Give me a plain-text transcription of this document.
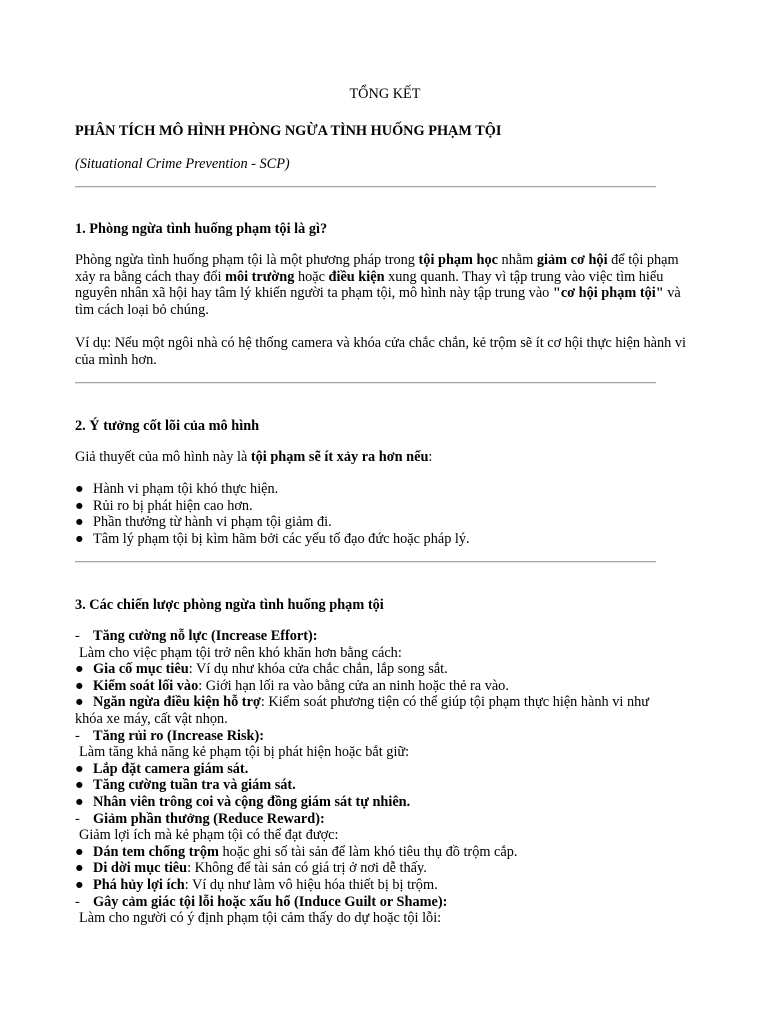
TỔNG KẾT
PHÂN TÍCH MÔ HÌNH PHÒNG NGỪA TÌNH HUỐNG PHẠM TỘI
(Situational Crime Prevention - SCP)
1. Phòng ngừa tình huống phạm tội là gì?
Phòng ngừa tình huống phạm tội là một phương pháp trong tội phạm học nhằm giảm cơ hội để tội phạm xảy ra bằng cách thay đổi môi trường hoặc điều kiện xung quanh. Thay vì tập trung vào việc tìm hiểu nguyên nhân xã hội hay tâm lý khiến người ta phạm tội, mô hình này tập trung vào "cơ hội phạm tội" và tìm cách loại bỏ chúng.
Ví dụ: Nếu một ngôi nhà có hệ thống camera và khóa cửa chắc chắn, kẻ trộm sẽ ít cơ hội thực hiện hành vi của mình hơn.
2. Ý tưởng cốt lõi của mô hình
Giả thuyết của mô hình này là tội phạm sẽ ít xảy ra hơn nếu:
● Hành vi phạm tội khó thực hiện.
● Rủi ro bị phát hiện cao hơn.
● Phần thưởng từ hành vi phạm tội giảm đi.
● Tâm lý phạm tội bị kìm hãm bởi các yếu tố đạo đức hoặc pháp lý.
3. Các chiến lược phòng ngừa tình huống phạm tội
- Tăng cường nỗ lực (Increase Effort):
Làm cho việc phạm tội trở nên khó khăn hơn bằng cách:
● Gia cố mục tiêu: Ví dụ như khóa cửa chắc chắn, lắp song sắt.
● Kiểm soát lối vào: Giới hạn lối ra vào bằng cửa an ninh hoặc thẻ ra vào.
● Ngăn ngừa điều kiện hỗ trợ: Kiểm soát phương tiện có thể giúp tội phạm thực hiện hành vi như
khóa xe máy, cất vật nhọn.
- Tăng rủi ro (Increase Risk):
Làm tăng khả năng kẻ phạm tội bị phát hiện hoặc bắt giữ:
● Lắp đặt camera giám sát.
● Tăng cường tuần tra và giám sát.
● Nhân viên trông coi và cộng đồng giám sát tự nhiên.
- Giảm phần thưởng (Reduce Reward):
Giảm lợi ích mà kẻ phạm tội có thể đạt được:
● Dán tem chống trộm hoặc ghi số tài sản để làm khó tiêu thụ đồ trộm cắp.
● Di dời mục tiêu: Không để tài sản có giá trị ở nơi dễ thấy.
● Phá hủy lợi ích: Ví dụ như làm vô hiệu hóa thiết bị bị trộm.
- Gây cảm giác tội lỗi hoặc xấu hổ (Induce Guilt or Shame):
Làm cho người có ý định phạm tội cảm thấy do dự hoặc tội lỗi:
